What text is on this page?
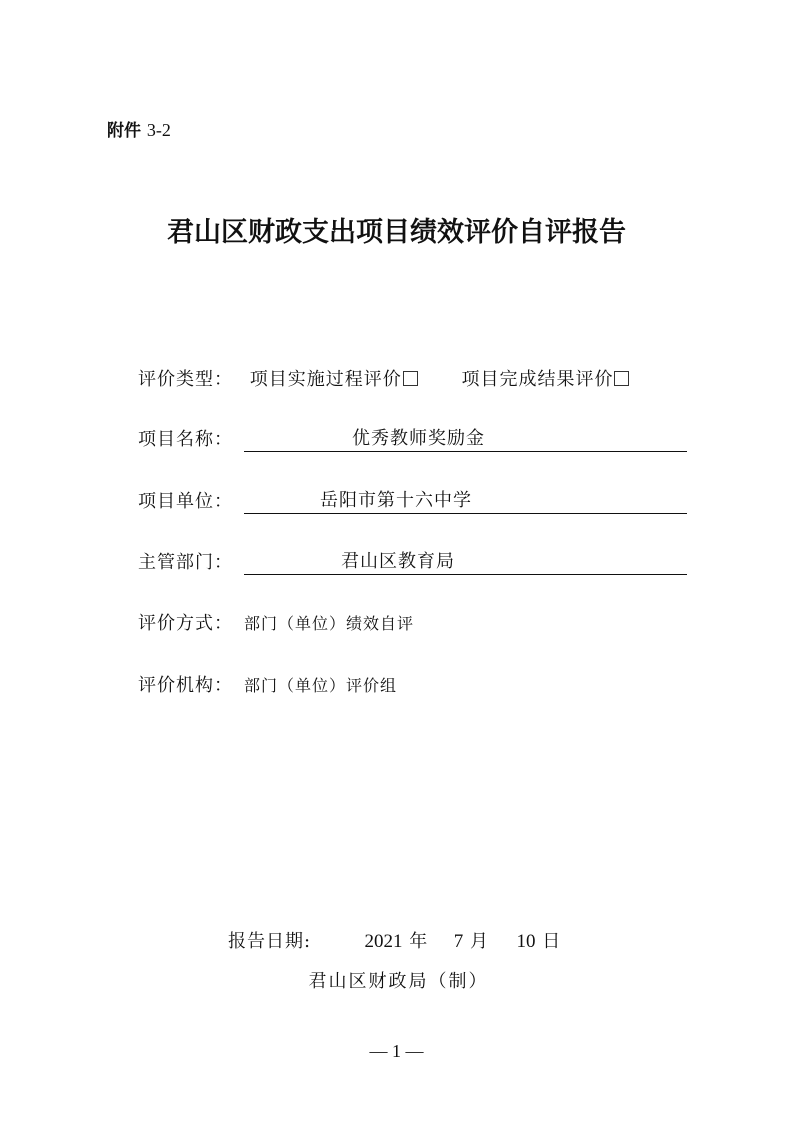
附件 3-2
君山区财政支出项目绩效评价自评报告
评价类型： 项目实施过程评价	项目完成结果评价
项目名称：	优秀教师奖励金
项目单位：	岳阳市第十六中学
主管部门：	君山区教育局
评价方式： 部门（单位）绩效自评
评价机构： 部门（单位）评价组
报告日期:	2021 年 7 月 10 日
君山区财政局（制）
— 1 —
